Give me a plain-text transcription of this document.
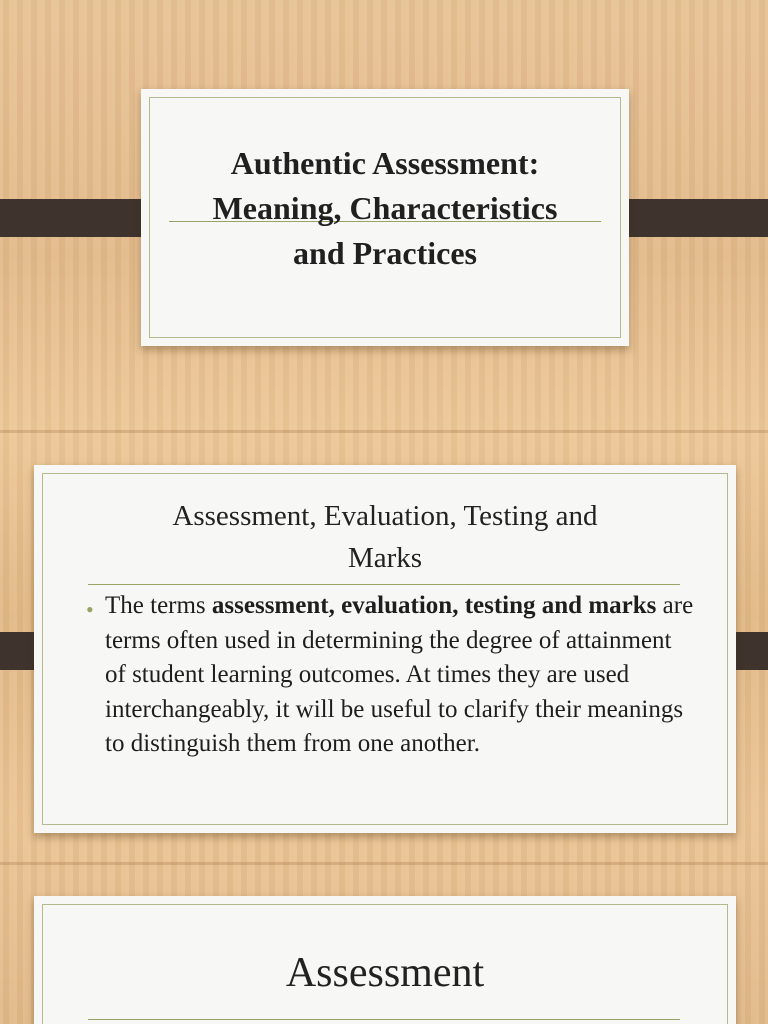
Authentic Assessment:
Meaning, Characteristics
and Practices
Assessment, Evaluation, Testing and
Marks
• The terms assessment, evaluation, testing and marks are terms often used in determining the degree of attainment of student learning outcomes. At times they are used interchangeably, it will be useful to clarify their meanings to distinguish them from one another.
Assessment
